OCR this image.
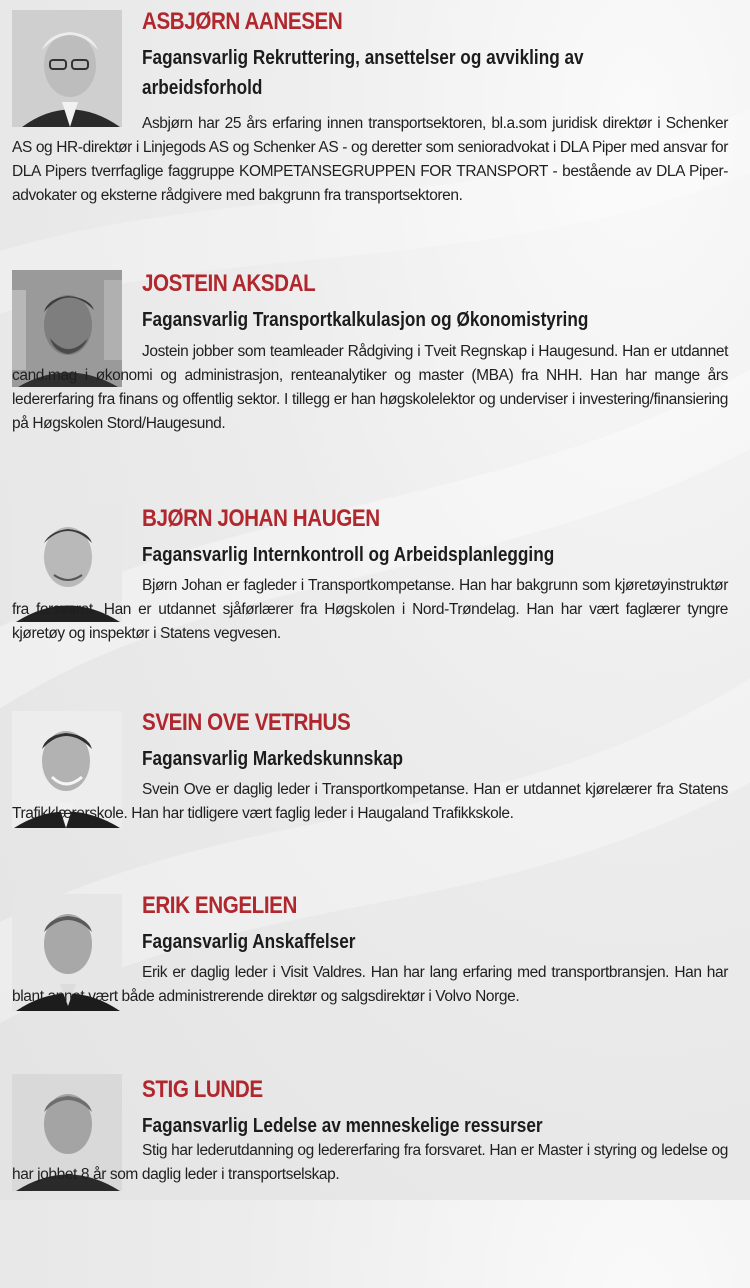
ASBJØRN AANESEN
Fagansvarlig Rekruttering, ansettelser og avvikling av arbeidsforhold
Asbjørn har 25 års erfaring innen transportsektoren, bl.a.som juridisk direktør i Schenker AS og HR-direktør i Linjegods AS og Schenker AS - og deretter som senioradvokat i DLA Piper med ansvar for DLA Pipers tverrfaglige faggruppe KOMPETANSEGRUPPEN FOR TRANSPORT - bestående av DLA Piper-advokater og eksterne rådgivere med bakgrunn fra transportsektoren.
JOSTEIN AKSDAL
Fagansvarlig Transportkalkulasjon og Økonomistyring
Jostein jobber som teamleader Rådgiving i Tveit Regnskap i Haugesund. Han er utdannet cand.mag i økonomi og administrasjon, renteanalytiker og master (MBA) fra NHH. Han har mange års ledererfaring fra finans og offentlig sektor. I tillegg er han høgskolelektor og underviser i investering/finansiering på Høgskolen Stord/Haugesund.
BJØRN JOHAN HAUGEN
Fagansvarlig Internkontroll og Arbeidsplanlegging
Bjørn Johan er fagleder i Transportkompetanse. Han har bakgrunn som kjøretøyinstruktør fra forsvaret. Han er utdannet sjåførlærer fra Høgskolen i Nord-Trøndelag. Han har vært faglærer tyngre kjøretøy og inspektør i Statens vegvesen.
SVEIN OVE VETRHUS
Fagansvarlig Markedskunnskap
Svein Ove er daglig leder i Transportkompetanse. Han er utdannet kjørelærer fra Statens Trafikklærerskole. Han har tidligere vært faglig leder i Haugaland Trafikkskole.
ERIK ENGELIEN
Fagansvarlig Anskaffelser
Erik er daglig leder i Visit Valdres. Han har lang erfaring med transportbransjen. Han har blant annet vært både administrerende direktør og salgsdirektør i Volvo Norge.
STIG LUNDE
Fagansvarlig Ledelse av menneskelige ressurser
Stig har lederutdanning og ledererfaring fra forsvaret. Han er Master i styring og ledelse og har jobbet 8 år som daglig leder i transportselskap.
